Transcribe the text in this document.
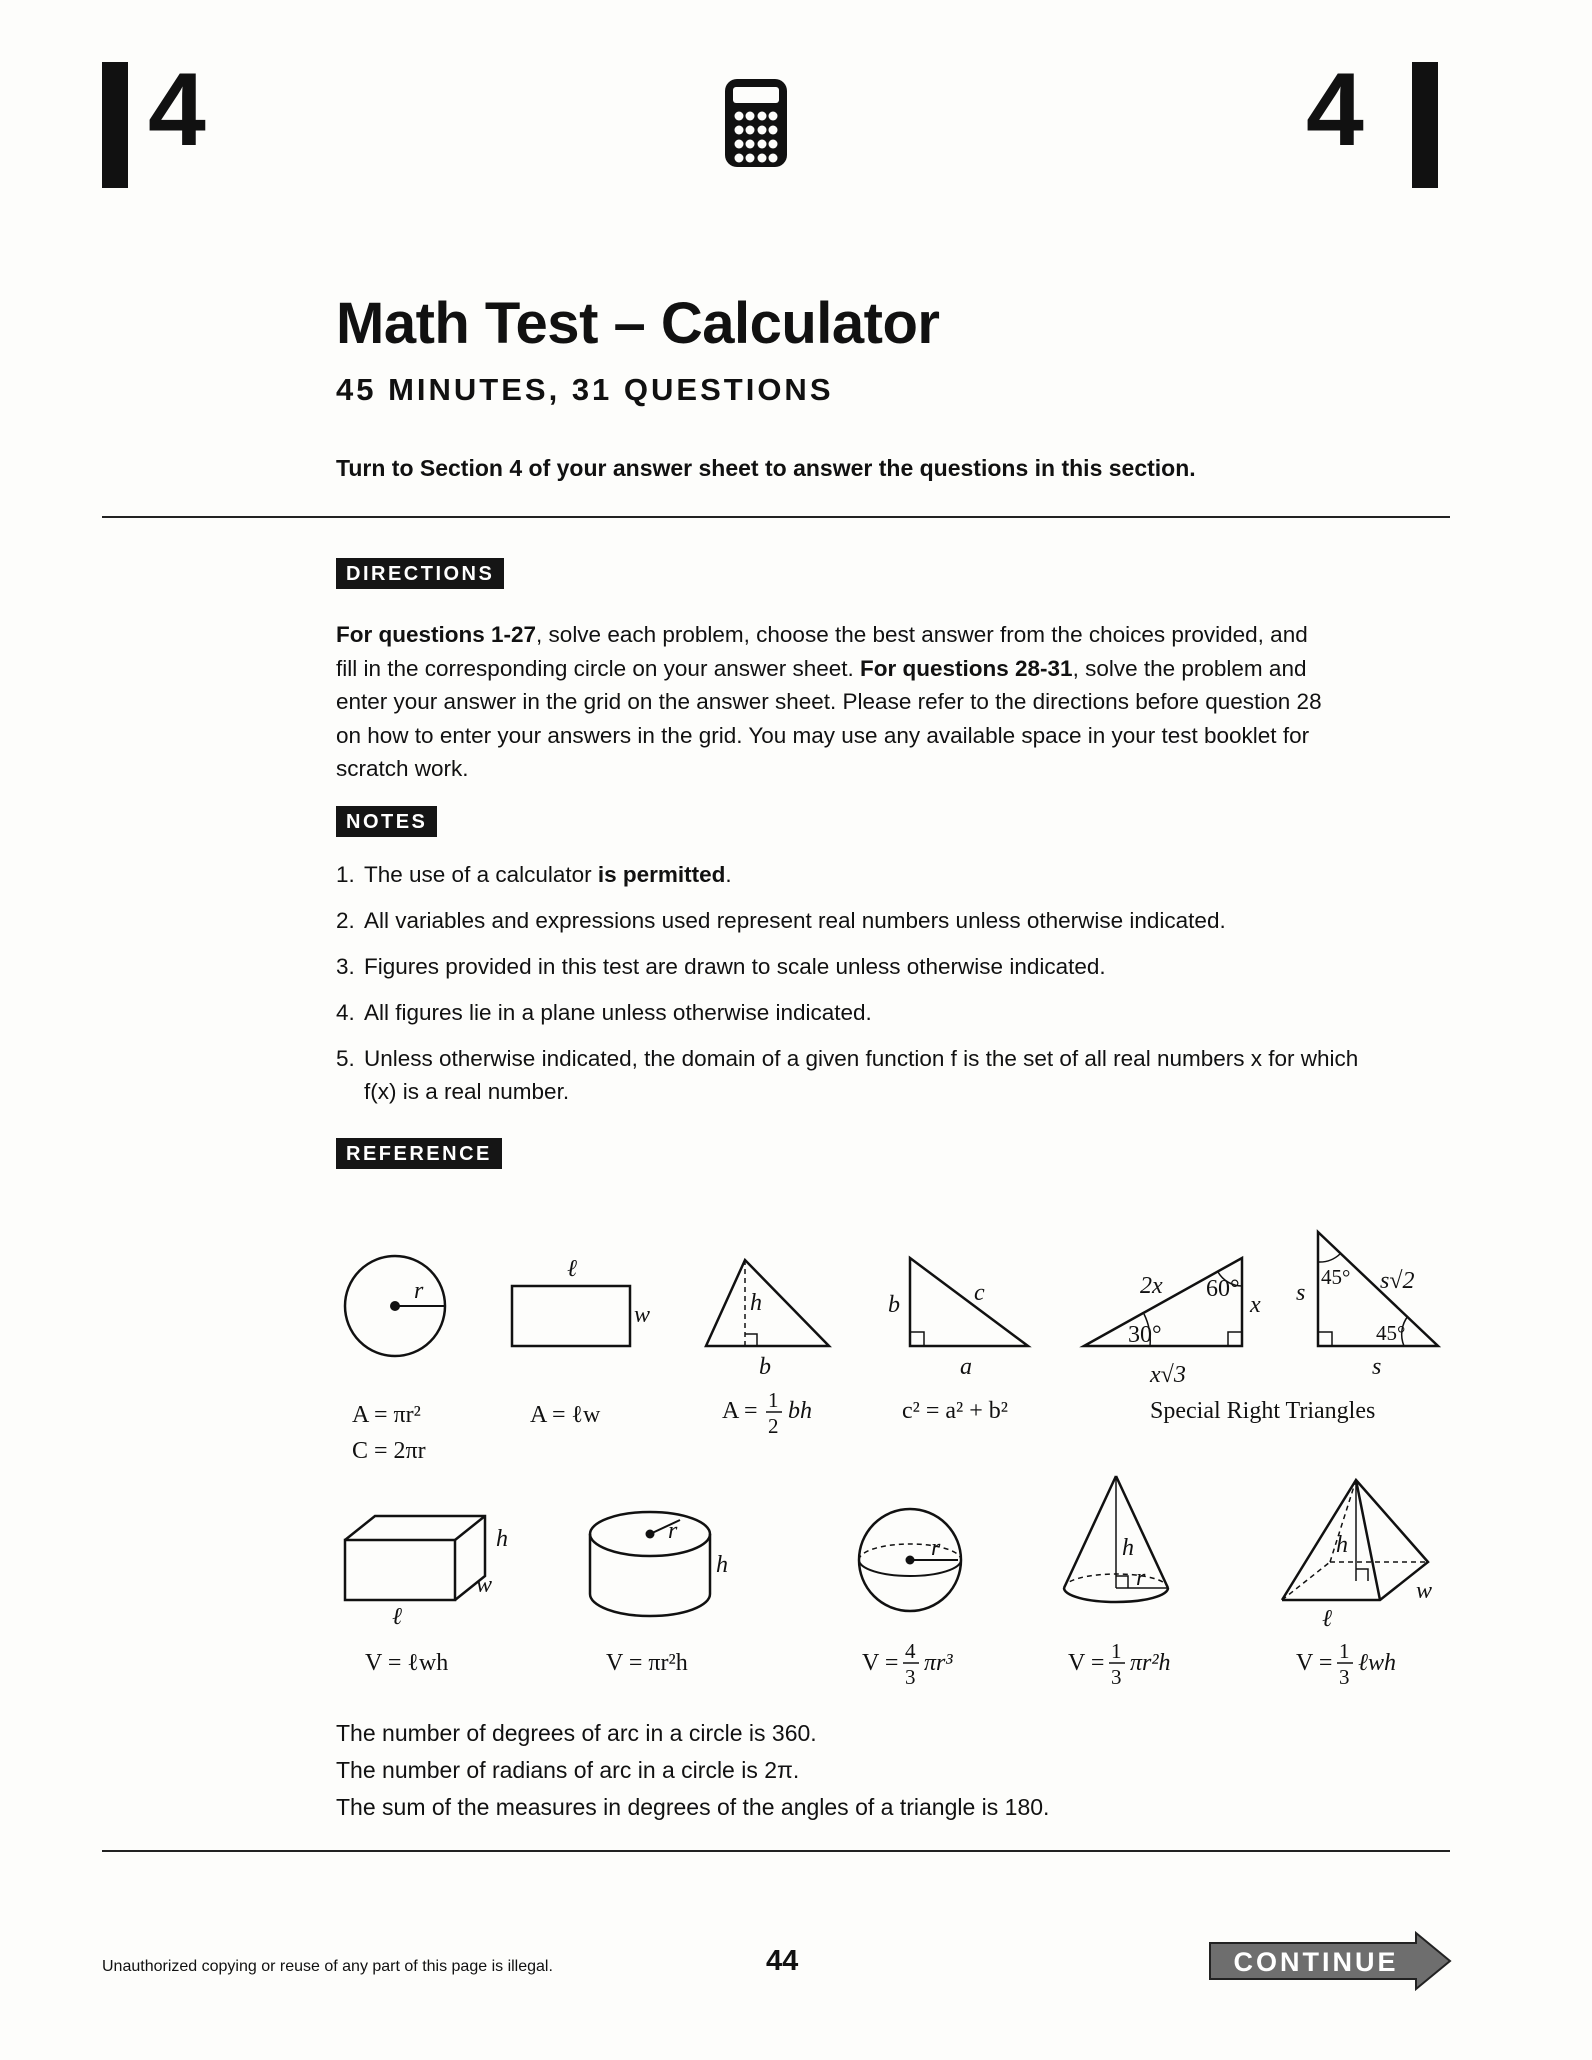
4	4
Math Test – Calculator
45 MINUTES, 31 QUESTIONS
Turn to Section 4 of your answer sheet to answer the questions in this section.
DIRECTIONS
For questions 1-27, solve each problem, choose the best answer from the choices provided, and fill in the corresponding circle on your answer sheet. For questions 28-31, solve the problem and enter your answer in the grid on the answer sheet. Please refer to the directions before question 28 on how to enter your answers in the grid. You may use any available space in your test booklet for scratch work.
NOTES
1. The use of a calculator is permitted.
2. All variables and expressions used represent real numbers unless otherwise indicated.
3. Figures provided in this test are drawn to scale unless otherwise indicated.
4. All figures lie in a plane unless otherwise indicated.
5. Unless otherwise indicated, the domain of a given function f is the set of all real numbers x for which f(x) is a real number.
REFERENCE
r
A = πr²
C = 2πr
ℓ
w
A = ℓw
h
b
A = 1
2
bh
b	c
a
c² = a² + b²
2x 60°
x
30°
x√3
s
45° s√2
45°
s
Special Right Triangles
h
w
ℓ
V = ℓwh
r
h
V = πr²h
r
V = 4
3
πr³
h
r
V = 1
3
πr²h
h
w
ℓ
V = 1
3
ℓwh
The number of degrees of arc in a circle is 360.
The number of radians of arc in a circle is 2π.
The sum of the measures in degrees of the angles of a triangle is 180.
Unauthorized copying or reuse of any part of this page is illegal.	44	CONTINUE
